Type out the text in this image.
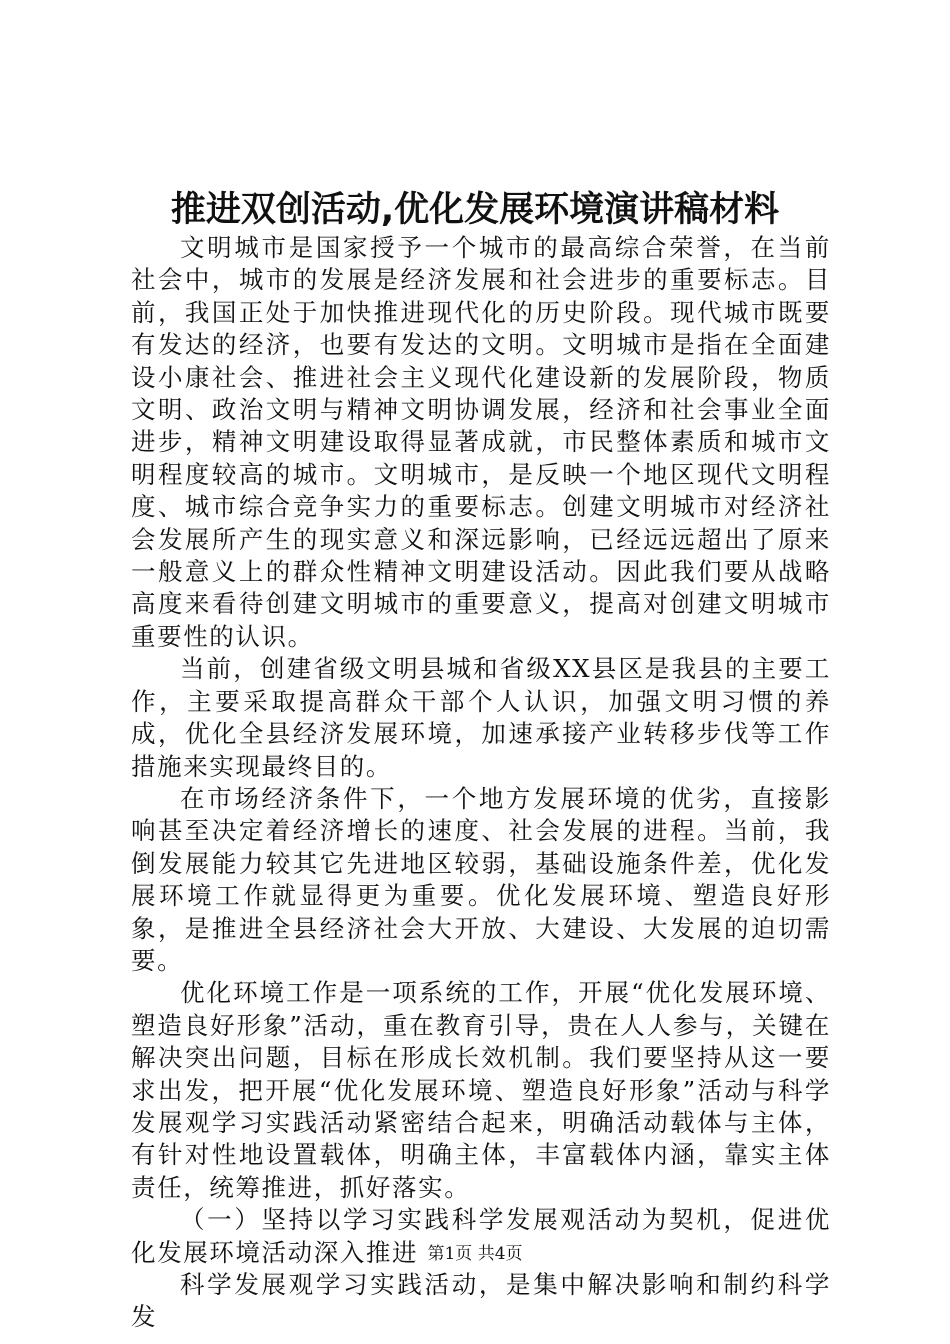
推进双创活动,优化发展环境演讲稿材料

文明城市是国家授予一个城市的最高综合荣誉，在当前社会中，城市的发展是经济发展和社会进步的重要标志。目前，我国正处于加快推进现代化的历史阶段。现代城市既要有发达的经济，也要有发达的文明。文明城市是指在全面建设小康社会、推进社会主义现代化建设新的发展阶段，物质文明、政治文明与精神文明协调发展，经济和社会事业全面进步，精神文明建设取得显著成就，市民整体素质和城市文明程度较高的城市。文明城市，是反映一个地区现代文明程度、城市综合竞争实力的重要标志。创建文明城市对经济社会发展所产生的现实意义和深远影响，已经远远超出了原来一般意义上的群众性精神文明建设活动。因此我们要从战略高度来看待创建文明城市的重要意义，提高对创建文明城市重要性的认识。

当前，创建省级文明县城和省级XX县区是我县的主要工作，主要采取提高群众干部个人认识，加强文明习惯的养成，优化全县经济发展环境，加速承接产业转移步伐等工作措施来实现最终目的。

在市场经济条件下，一个地方发展环境的优劣，直接影响甚至决定着经济增长的速度、社会发展的进程。当前，我倒发展能力较其它先进地区较弱，基础设施条件差，优化发展环境工作就显得更为重要。优化发展环境、塑造良好形象，是推进全县经济社会大开放、大建设、大发展的迫切需要。

优化环境工作是一项系统的工作，开展“优化发展环境、塑造良好形象”活动，重在教育引导，贵在人人参与，关键在解决突出问题，目标在形成长效机制。我们要坚持从这一要求出发，把开展“优化发展环境、塑造良好形象”活动与科学发展观学习实践活动紧密结合起来，明确活动载体与主体，有针对性地设置载体，明确主体，丰富载体内涵，靠实主体责任，统筹推进，抓好落实。

（一）坚持以学习实践科学发展观活动为契机，促进优化发展环境活动深入推进

科学发展观学习实践活动，是集中解决影响和制约科学发

第1页 共4页
